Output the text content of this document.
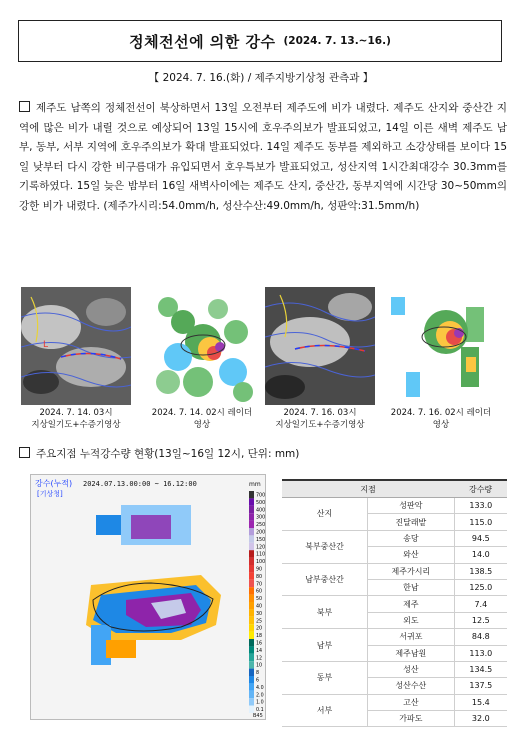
정체전선에 의한 강수 (2024. 7. 13.~16.)
【 2024. 7. 16.(화) / 제주지방기상청 관측과 】
제주도 남쪽의 정체전선이 북상하면서 13일 오전부터 제주도에 비가 내렸다. 제주도 산지와 중산간 지역에 많은 비가 내릴 것으로 예상되어 13일 15시에 호우주의보가 발표되었고, 14일 이른 새벽 제주도 남부, 동부, 서부 지역에 호우주의보가 확대 발표되었다. 14일 제주도 동부를 제외하고 소강상태를 보이다 15일 낮부터 다시 강한 비구름대가 유입되면서 호우특보가 발표되었고, 성산지역 1시간최대강수 30.3mm를 기록하였다. 15일 늦은 밤부터 16일 새벽사이에는 제주도 산지, 중산간, 동부지역에 시간당 30~50mm의 강한 비가 내렸다. (제주가시리:54.0mm/h, 성산수산:49.0mm/h, 성판악:31.5mm/h)
L
2024. 7. 14. 03시
지상일기도+수증기영상
2024. 7. 14. 02시 레이더
영상
2024. 7. 16. 03시
지상일기도+수증기영상
2024. 7. 16. 02시 레이더
영상
주요지점 누적강수량 현황(13일~16일 12시, 단위: mm)
강수(누적) 2024.07.13.00:00 ~ 16.12:00
[기상청]
mm
700
500
400
300
250
200
150
120
110
100
90
80
70
60
50
40
30
25
20
18
16
14
12
10
8
6
4.0
2.0
1.0
0.1
B45
지점		강수량
산지	성판악	133.0
	진달래밭	115.0
북부중산간	송당	94.5
	와산	14.0
남부중산간	제주가시리	138.5
	한남	125.0
북부	제주	7.4
	외도	12.5
남부	서귀포	84.8
	제주남원	113.0
동부	성산	134.5
	성산수산	137.5
서부	고산	15.4
	가파도	32.0
